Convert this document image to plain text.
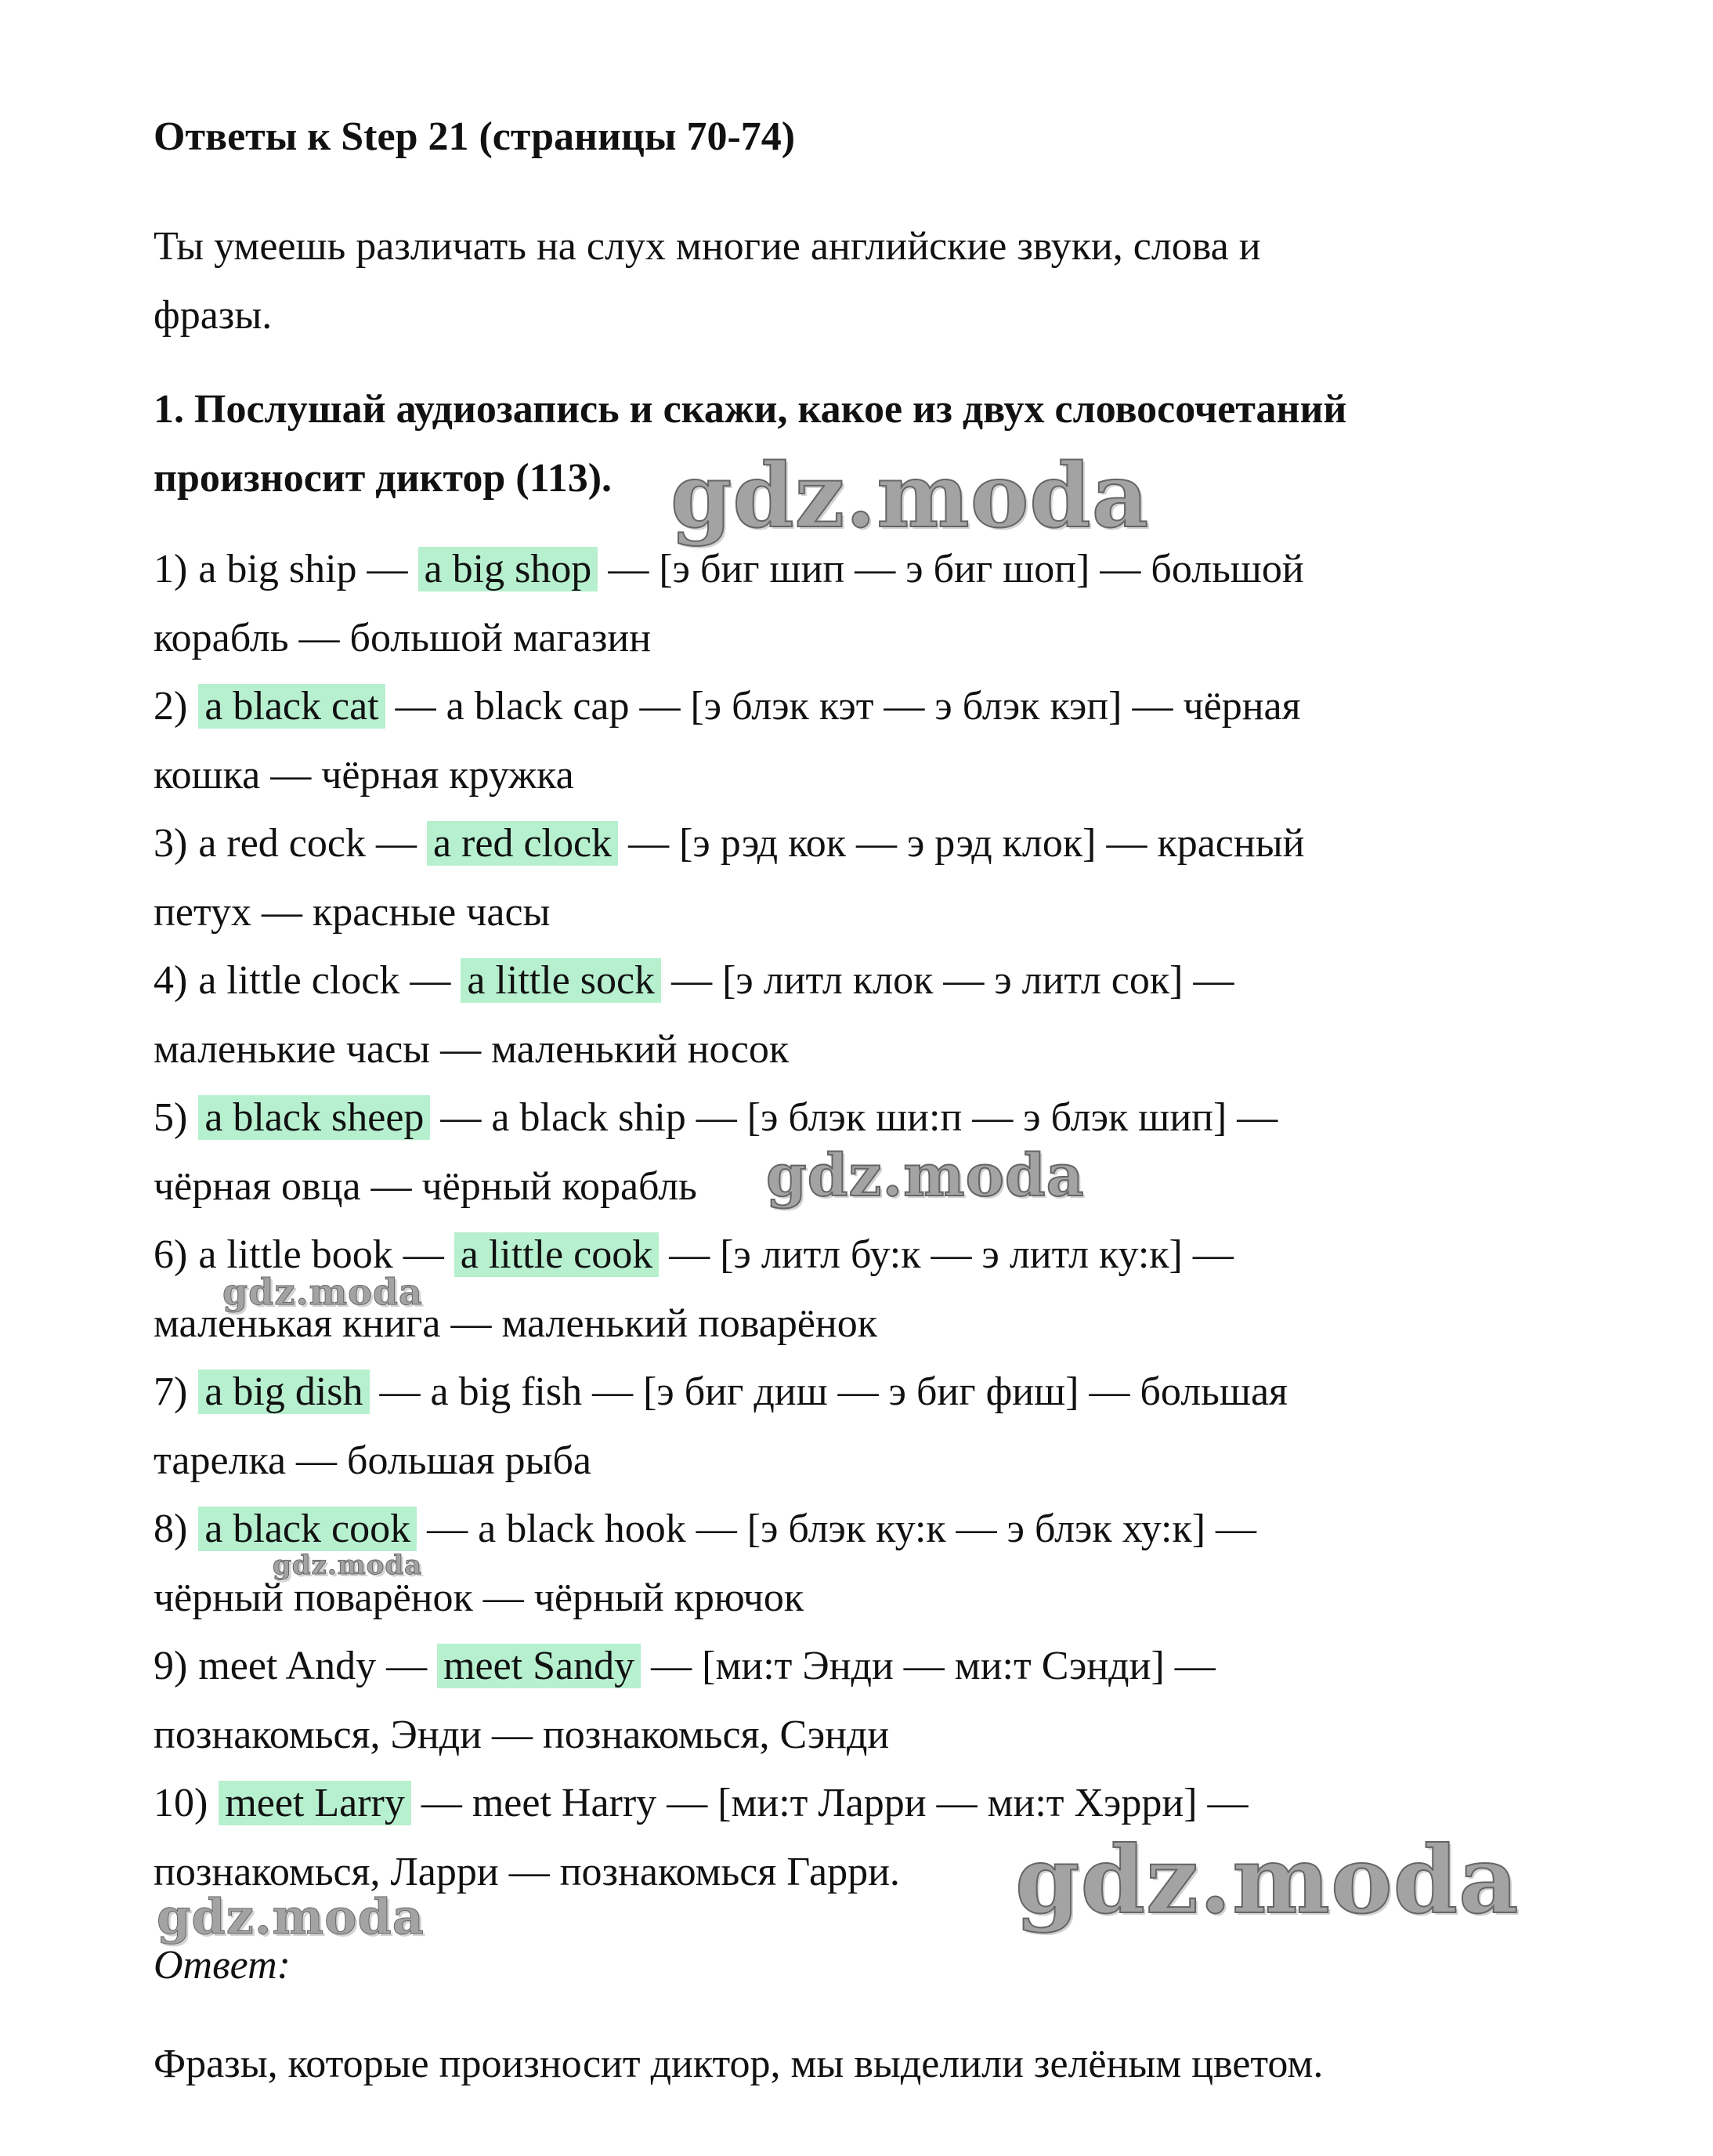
Ответы к Step 21 (страницы 70-74)
Ты умеешь различать на слух многие английские звуки, слова и
фразы.
1. Послушай аудиозапись и скажи, какое из двух словосочетаний
произносит диктор (113).
1) a big ship — a big shop — [э биг шип — э биг шоп] — большой
корабль — большой магазин
2) a black cat — a black cap — [э блэк кэт — э блэк кэп] — чёрная
кошка — чёрная кружка
3) a red cock — a red clock — [э рэд кок — э рэд клок] — красный
петух — красные часы
4) a little clock — a little sock — [э литл клок — э литл сок] —
маленькие часы — маленький носок
5) a black sheep — a black ship — [э блэк ши:п — э блэк шип] —
чёрная овца — чёрный корабль
6) a little book — a little cook — [э литл бу:к — э литл ку:к] —
маленькая книга — маленький поварёнок
7) a big dish — a big fish — [э биг диш — э биг фиш] — большая
тарелка — большая рыба
8) a black cook — a black hook — [э блэк ку:к — э блэк ху:к] —
чёрный поварёнок — чёрный крючок
9) meet Andy — meet Sandy — [ми:т Энди — ми:т Сэнди] —
познакомься, Энди — познакомься, Сэнди
10) meet Larry — meet Harry — [ми:т Ларри — ми:т Хэрри] —
познакомься, Ларри — познакомься Гарри.
Ответ:
Фразы, которые произносит диктор, мы выделили зелёным цветом.
gdz.moda
gdz.moda
gdz.moda
gdz.moda
gdz.moda	gdz.moda
